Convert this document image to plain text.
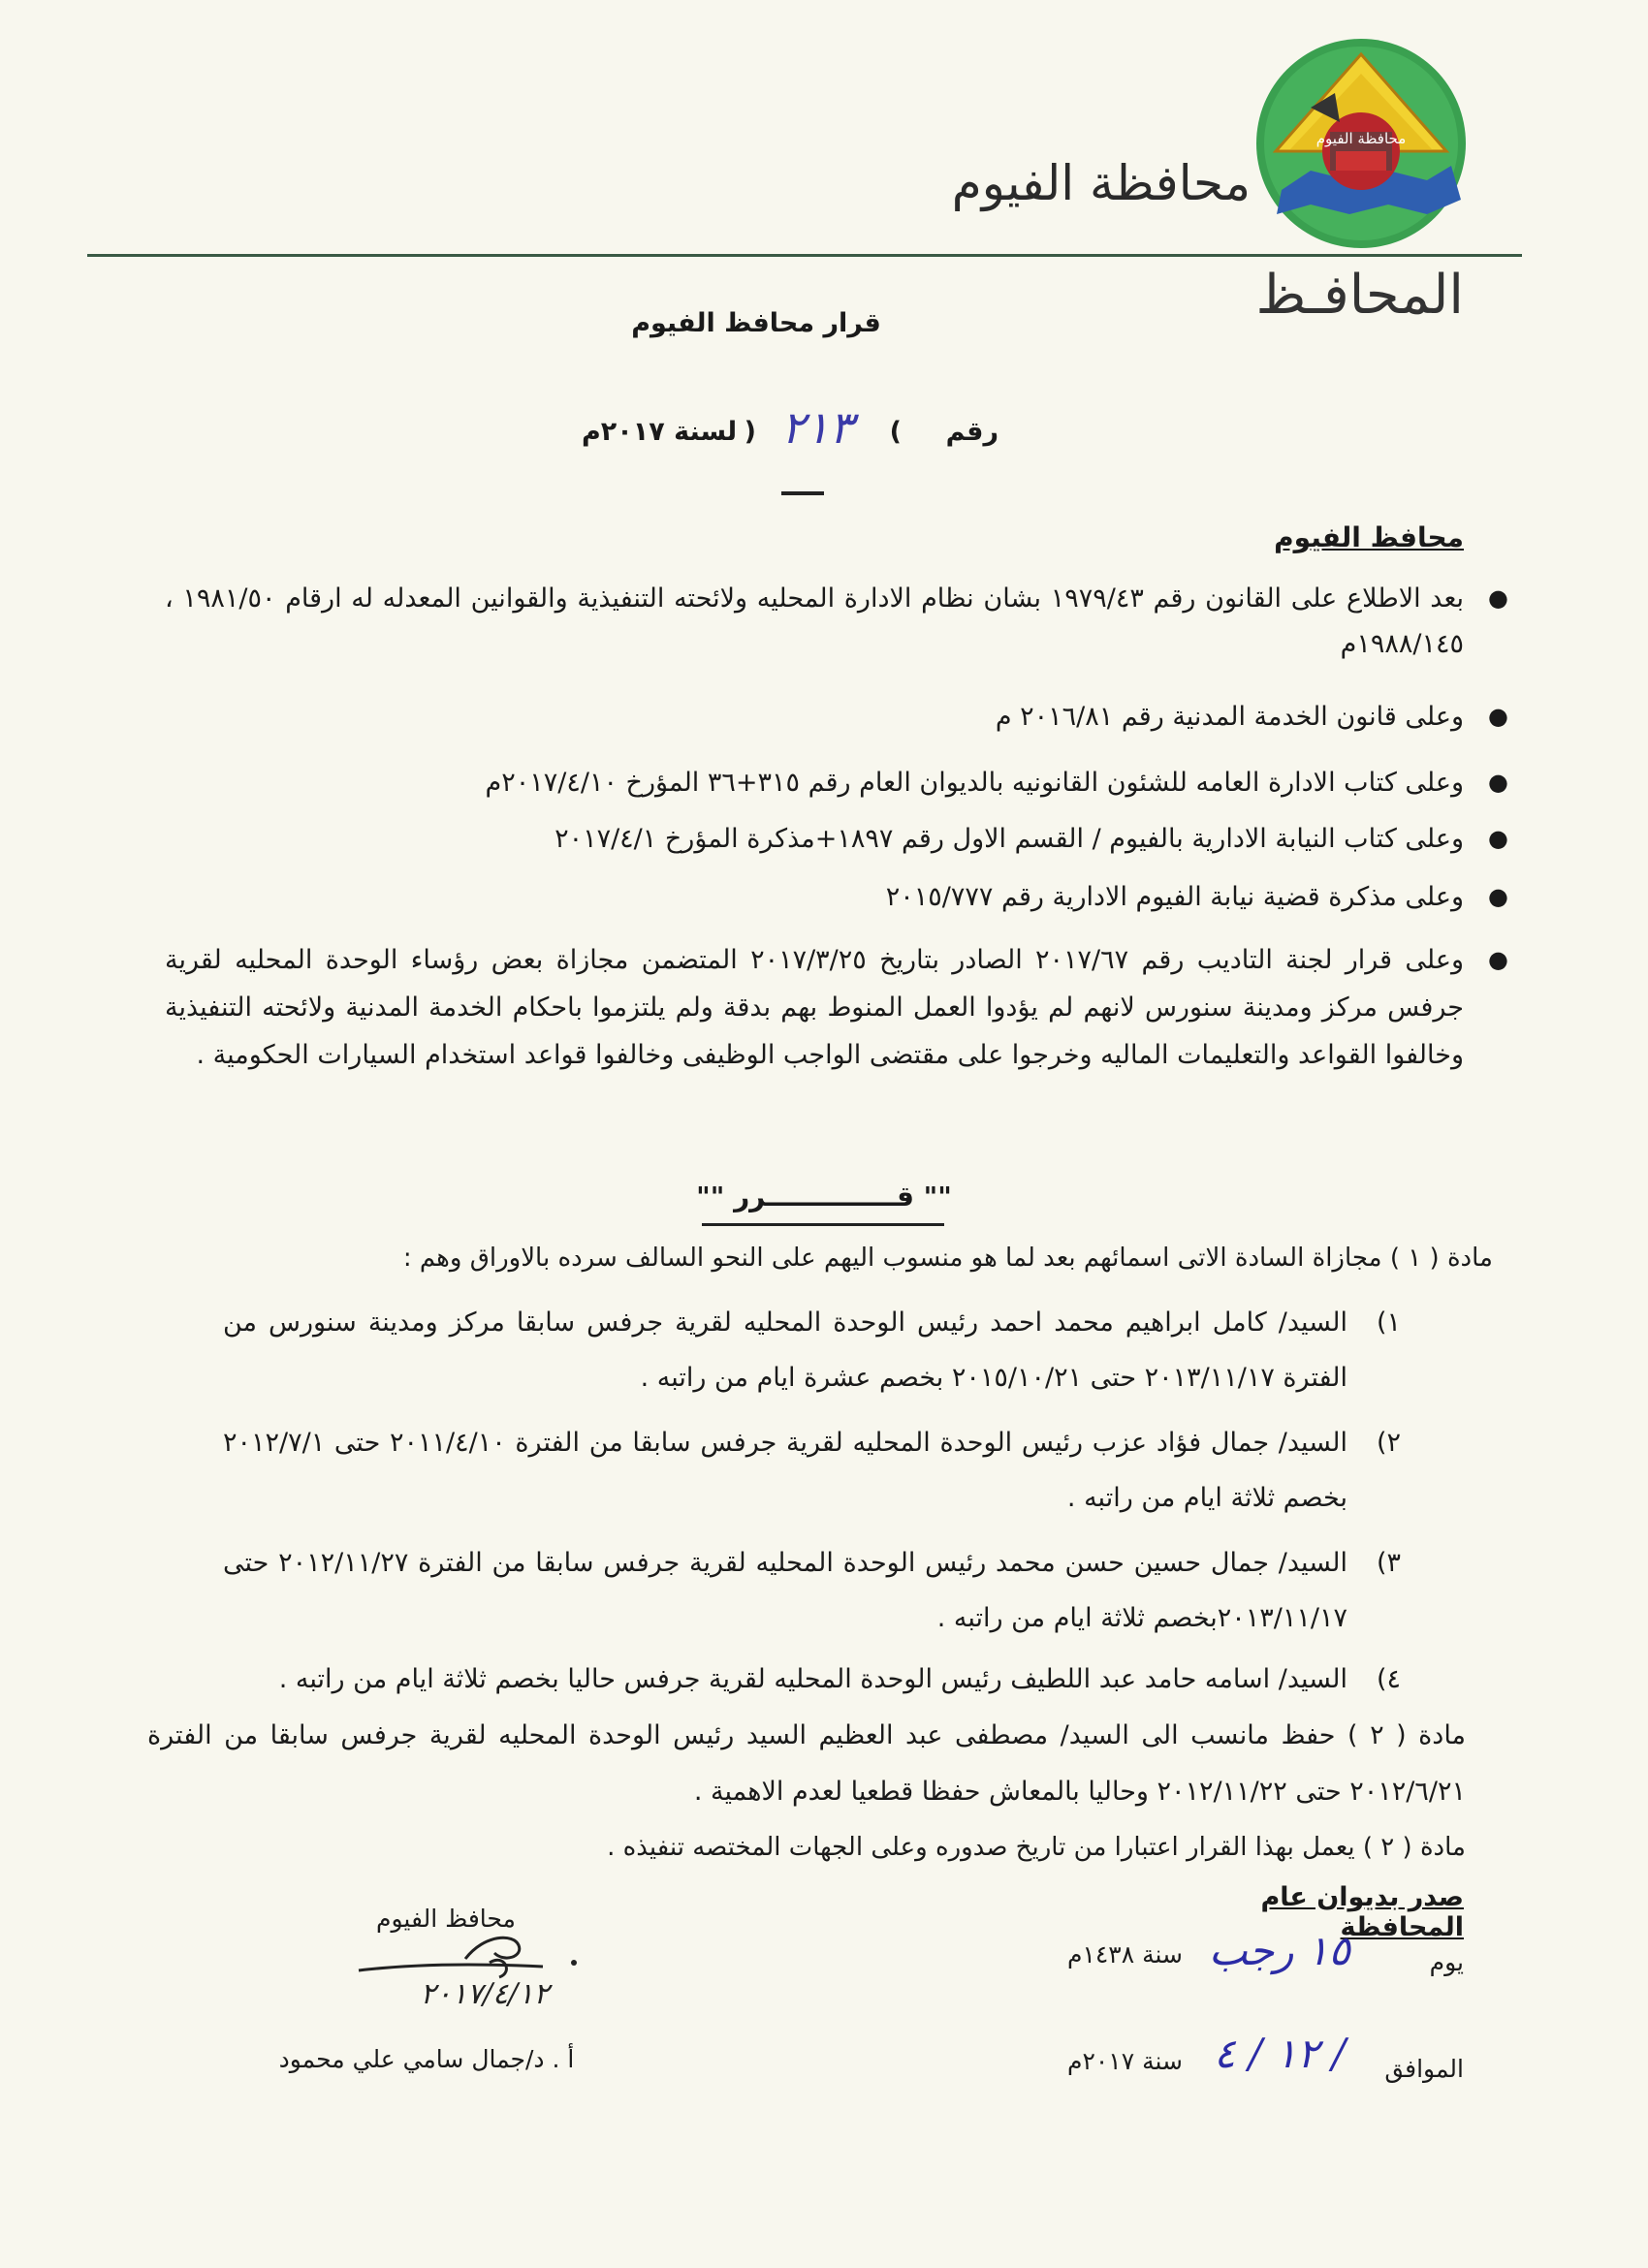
محافظة الفيوم
محافظة الفيوم
المحافـظ
قرار محافظ الفيوم
رقم
(
٢١٣
)
لسنة ٢٠١٧م
محافظ الفيوم
●
بعد الاطلاع على القانون رقم ١٩٧٩/٤٣ بشان نظام الادارة المحليه ولائحته التنفيذية والقوانين المعدله له ارقام ١٩٨١/٥٠ ، ١٩٨٨/١٤٥م
●
وعلى قانون الخدمة المدنية رقم ٢٠١٦/٨١ م
●
وعلى كتاب الادارة العامه للشئون القانونيه بالديوان العام رقم ٣١٥+٣٦ المؤرخ ٢٠١٧/٤/١٠م
●
وعلى كتاب النيابة الادارية بالفيوم / القسم الاول رقم ١٨٩٧+مذكرة المؤرخ ٢٠١٧/٤/١
●
وعلى مذكرة قضية نيابة الفيوم الادارية رقم ٢٠١٥/٧٧٧
●
وعلى قرار لجنة التاديب رقم ٢٠١٧/٦٧ الصادر بتاريخ ٢٠١٧/٣/٢٥ المتضمن مجازاة بعض رؤساء الوحدة المحليه لقرية جرفس مركز ومدينة سنورس لانهم لم يؤدوا العمل المنوط بهم بدقة ولم يلتزموا باحكام الخدمة المدنية ولائحته التنفيذية وخالفوا القواعد والتعليمات الماليه وخرجوا على مقتضى الواجب الوظيفى وخالفوا قواعد استخدام السيارات الحكومية .
"" قــــــــــــــرر ""
مادة ( ١ ) مجازاة السادة الاتى اسمائهم بعد لما هو منسوب اليهم على النحو السالف سرده بالاوراق وهم :
١)
السيد/ كامل ابراهيم محمد احمد رئيس الوحدة المحليه لقرية جرفس سابقا مركز ومدينة سنورس من الفترة ٢٠١٣/١١/١٧ حتى ٢٠١٥/١٠/٢١ بخصم عشرة ايام من راتبه .
٢)
السيد/ جمال فؤاد عزب رئيس الوحدة المحليه لقرية جرفس سابقا من الفترة ٢٠١١/٤/١٠ حتى ٢٠١٢/٧/١ بخصم ثلاثة ايام من راتبه .
٣)
السيد/ جمال حسين حسن محمد رئيس الوحدة المحليه لقرية جرفس سابقا من الفترة ٢٠١٢/١١/٢٧ حتى ٢٠١٣/١١/١٧بخصم ثلاثة ايام من راتبه .
٤)
السيد/ اسامه حامد عبد اللطيف رئيس الوحدة المحليه لقرية جرفس حاليا بخصم ثلاثة ايام من راتبه .
مادة ( ٢ ) حفظ مانسب الى السيد/ مصطفى عبد العظيم السيد رئيس الوحدة المحليه لقرية جرفس سابقا من الفترة ٢٠١٢/٦/٢١ حتى ٢٠١٢/١١/٢٢ وحاليا بالمعاش حفظا قطعيا لعدم الاهمية .
مادة ( ٢ ) يعمل بهذا القرار اعتبارا من تاريخ صدوره وعلى الجهات المختصه تنفيذه .
صدر بديوان عام المحافظة
يوم
١٥ رجب
سنة ١٤٣٨م
الموافق
١٢ / ٤ /
سنة ٢٠١٧م
محافظ الفيوم
٢٠١٧/٤/١٢
أ . د/جمال سامي علي محمود
